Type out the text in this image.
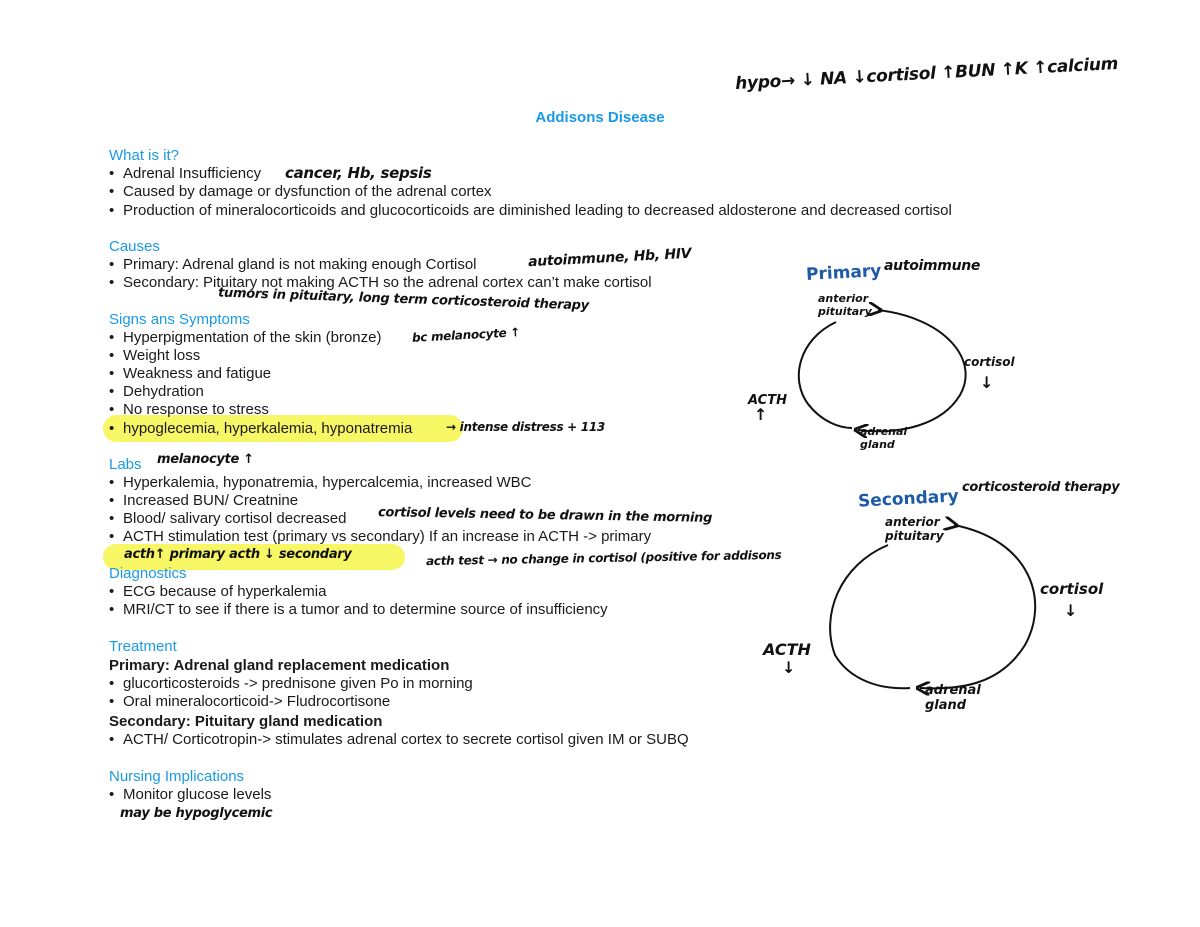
hypo→ ↓ NA ↓cortisol ↑BUN ↑K ↑calcium
Addisons Disease
What is it?
• Adrenal Insufficiency
• Caused by damage or dysfunction of the adrenal cortex
• Production of mineralocorticoids and glucocorticoids are diminished leading to decreased aldosterone and decreased cortisol
cancer, Hb, sepsis
Causes
• Primary: Adrenal gland is not making enough Cortisol
• Secondary: Pituitary not making ACTH so the adrenal cortex can’t make cortisol
autoimmune, Hb, HIV
tumors in pituitary, long term corticosteroid therapy
Signs ans Symptoms
• Hyperpigmentation of the skin (bronze)
• Weight loss
• Weakness and fatigue
• Dehydration
• No response to stress
• hypoglecemia, hyperkalemia, hyponatremia
bc melanocyte ↑
→ intense distress + 113
Labs melanocyte ↑
• Hyperkalemia, hyponatremia, hypercalcemia, increased WBC
• Increased BUN/ Creatnine
• Blood/ salivary cortisol decreased
• ACTH stimulation test (primary vs secondary) If an increase in ACTH -> primary
cortisol levels need to be drawn in the morning
acth↑ primary acth ↓ secondary	acth test → no change in cortisol (positive for addisons
Diagnostics
• ECG because of hyperkalemia
• MRI/CT to see if there is a tumor and to determine source of insufficiency
Treatment
Primary: Adrenal gland replacement medication
• glucorticosteroids -> prednisone given Po in morning
• Oral mineralocorticoid-> Fludrocortisone
Secondary: Pituitary gland medication
• ACTH/ Corticotropin-> stimulates adrenal cortex to secrete cortisol given IM or SUBQ
Nursing Implications
• Monitor glucose levels
may be hypoglycemic
Primary autoimmune
anterior pituitary
cortisol
↓
adrenal gland
ACTH
↑
Secondary corticosteroid therapy
anterior pituitary
cortisol
↓
adrenal gland
ACTH
↓
